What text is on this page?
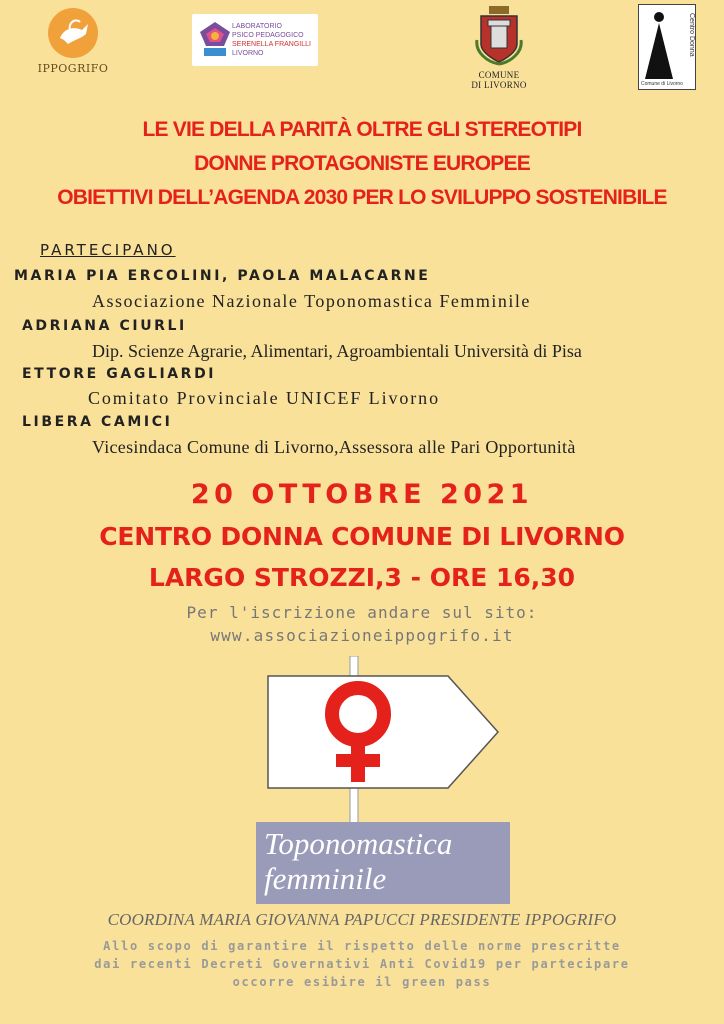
IPPOGRIFO
LABORATORIO
PSICO PEDAGOGICO
SERENELLA FRANGILLI
LIVORNO
COMUNE
DI LIVORNO
Centro Donna
Comune di Livorno
LE VIE DELLA PARITÀ OLTRE GLI STEREOTIPI
DONNE PROTAGONISTE EUROPEE
OBIETTIVI DELL’AGENDA 2030 PER LO SVILUPPO SOSTENIBILE
PARTECIPANO
MARIA PIA ERCOLINI, PAOLA MALACARNE
Associazione Nazionale Toponomastica Femminile
ADRIANA CIURLI
Dip. Scienze Agrarie, Alimentari, Agroambientali Università di Pisa
ETTORE GAGLIARDI
Comitato Provinciale UNICEF Livorno
LIBERA CAMICI
Vicesindaca Comune di Livorno,Assessora alle Pari Opportunità
20 OTTOBRE 2021
CENTRO DONNA COMUNE DI LIVORNO
LARGO STROZZI,3 - ORE 16,30
Per l'iscrizione andare sul sito:
www.associazioneippogrifo.it
Toponomastica
femminile
COORDINA MARIA GIOVANNA PAPUCCI PRESIDENTE IPPOGRIFO
Allo scopo di garantire il rispetto delle norme prescritte
dai recenti Decreti Governativi Anti Covid19 per partecipare
occorre esibire il green pass
